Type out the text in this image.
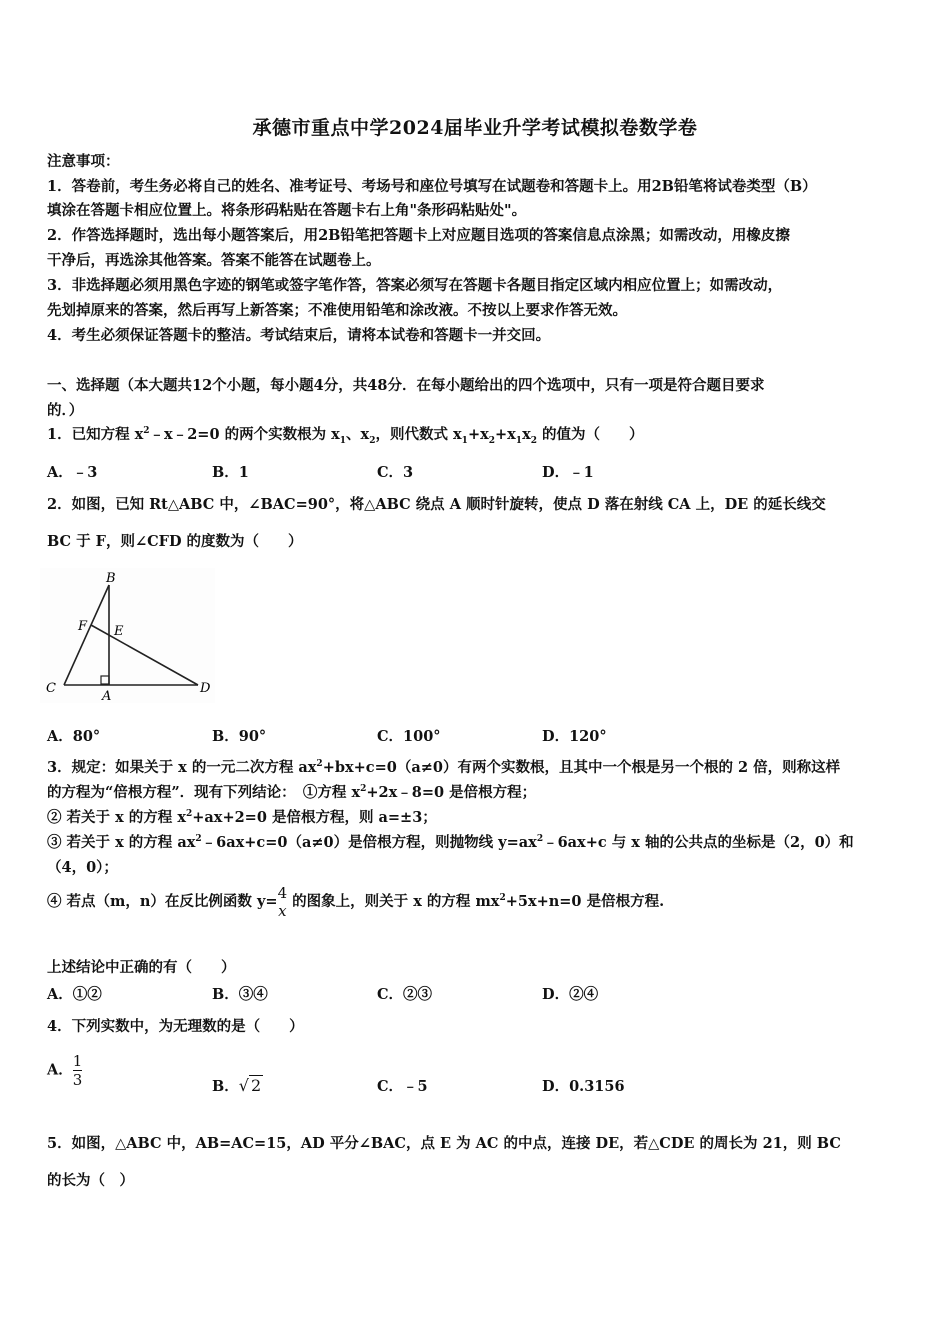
承德市重点中学2024届毕业升学考试模拟卷数学卷
注意事项：
1．答卷前，考生务必将自己的姓名、准考证号、考场号和座位号填写在试题卷和答题卡上。用2B铅笔将试卷类型（B）
填涂在答题卡相应位置上。将条形码粘贴在答题卡右上角"条形码粘贴处"。
2．作答选择题时，选出每小题答案后，用2B铅笔把答题卡上对应题目选项的答案信息点涂黑；如需改动，用橡皮擦
干净后，再选涂其他答案。答案不能答在试题卷上。
3．非选择题必须用黑色字迹的钢笔或签字笔作答，答案必须写在答题卡各题目指定区域内相应位置上；如需改动，
先划掉原来的答案，然后再写上新答案；不准使用铅笔和涂改液。不按以上要求作答无效。
4．考生必须保证答题卡的整洁。考试结束后，请将本试卷和答题卡一并交回。
一、选择题（本大题共12个小题，每小题4分，共48分．在每小题给出的四个选项中，只有一项是符合题目要求
的．）
1．已知方程 $x^2﹣x﹣2=0$ 的两个实数根为 $x_1$、$x_2$，则代数式 $x_1+x_2+x_1x_2$ 的值为（　　）
A．﹣3	B．1	C．3	D．﹣1
2．如图，已知 Rt△ABC 中，∠BAC=90°，将△ABC 绕点 A 顺时针旋转，使点 D 落在射线 CA 上，DE 的延长线交
BC 于 F，则∠CFD 的度数为（　　）
B
F E
C
A
D
A．80°	B．90°	C．100°	D．120°
3．规定：如果关于 x 的一元二次方程 $ax^2+bx+c=0(a\ne 0)$有两个实数根，且其中一个根是另一个根的 2 倍，则称这样
的方程为“倍根方程”．现有下列结论：　①方程 $x^2+2x﹣8=0$ 是倍根方程；
② 若关于 x 的方程 $x^2+ax+2=0$ 是倍根方程，则 a=±3；
③ 若关于 x 的方程 $ax^2﹣6ax+c=0(a\ne 0)$是倍根方程，则抛物线 $y=ax^2﹣6ax+c$ 与 x 轴的公共点的坐标是（2，0）和
（4，0）；
④ 若点（m，n）在反比例函数 y= 4
x
的图象上，则关于 x 的方程 $mx^2+5x+n=0$ 是倍根方程.
上述结论中正确的有（　　）
A．①②	B．③④	C．②③	D．②④
4．下列实数中，为无理数的是（　　）
A． $\frac{1}{3}$	B．√ 2	C．﹣5	D．0.3156
5．如图，△ABC 中，AB=AC=15，AD 平分∠BAC，点 E 为 AC 的中点，连接 DE，若△CDE 的周长为 21，则 BC
的长为（　）
